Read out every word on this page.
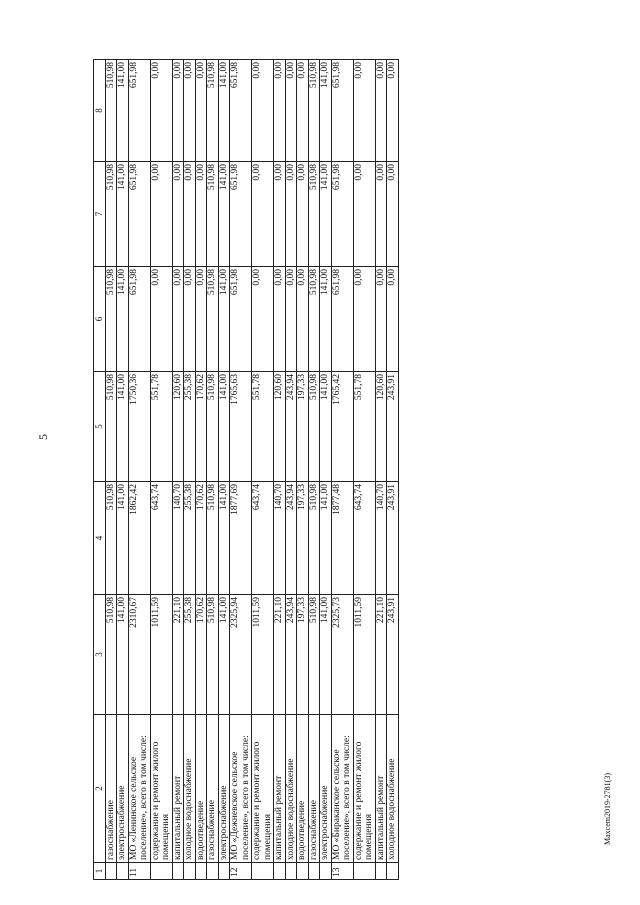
5
Maxcem2019-2781(3)
1	2	3	4	5	6	7	8
	газоснабжение	510,98	510,98	510,98	510,98	510,98	510,98
	электроснабжение	141,00	141,00	141,00	141,00	141,00	141,00
11	МО «Ленинское сельское поселение», всего в том числе:	2310,67	1862,42	1750,36	651,98	651,98	651,98
	содержание и ремонт жилого помещения	1011,59	643,74	551,78	0,00	0,00	0,00
	капитальный ремонт	221,10	140,70	120,60	0,00	0,00	0,00
	холодное водоснабжение	255,38	255,38	255,38	0,00	0,00	0,00
	водоотведение	170,62	170,62	170,62	0,00	0,00	0,00
	газоснабжение	510,98	510,98	510,98	510,98	510,98	510,98
	электроснабжение	141,00	141,00	141,00	141,00	141,00	141,00
12	МО «Дежневское сельское поселение», всего в том числе:	2325,94	1877,69	1765,63	651,98	651,98	651,98
	содержание и ремонт жилого помещения	1011,59	643,74	551,78	0,00	0,00	0,00
	капитальный ремонт	221,10	140,70	120,60	0,00	0,00	0,00
	холодное водоснабжение	243,94	243,94	243,94	0,00	0,00	0,00
	водоотведение	197,33	197,33	197,33	0,00	0,00	0,00
	газоснабжение	510,98	510,98	510,98	510,98	510,98	510,98
	электроснабжение	141,00	141,00	141,00	141,00	141,00	141,00
13	МО «Бираканское сельское поселение», всего в том числе:	2325,73	1877,48	1765,42	651,98	651,98	651,98
	содержание и ремонт жилого помещения	1011,59	643,74	551,78	0,00	0,00	0,00
	капитальный ремонт	221,10	140,70	120,60	0,00	0,00	0,00
	холодное водоснабжение	243,91	243,91	243,91	0,00	0,00	0,00
